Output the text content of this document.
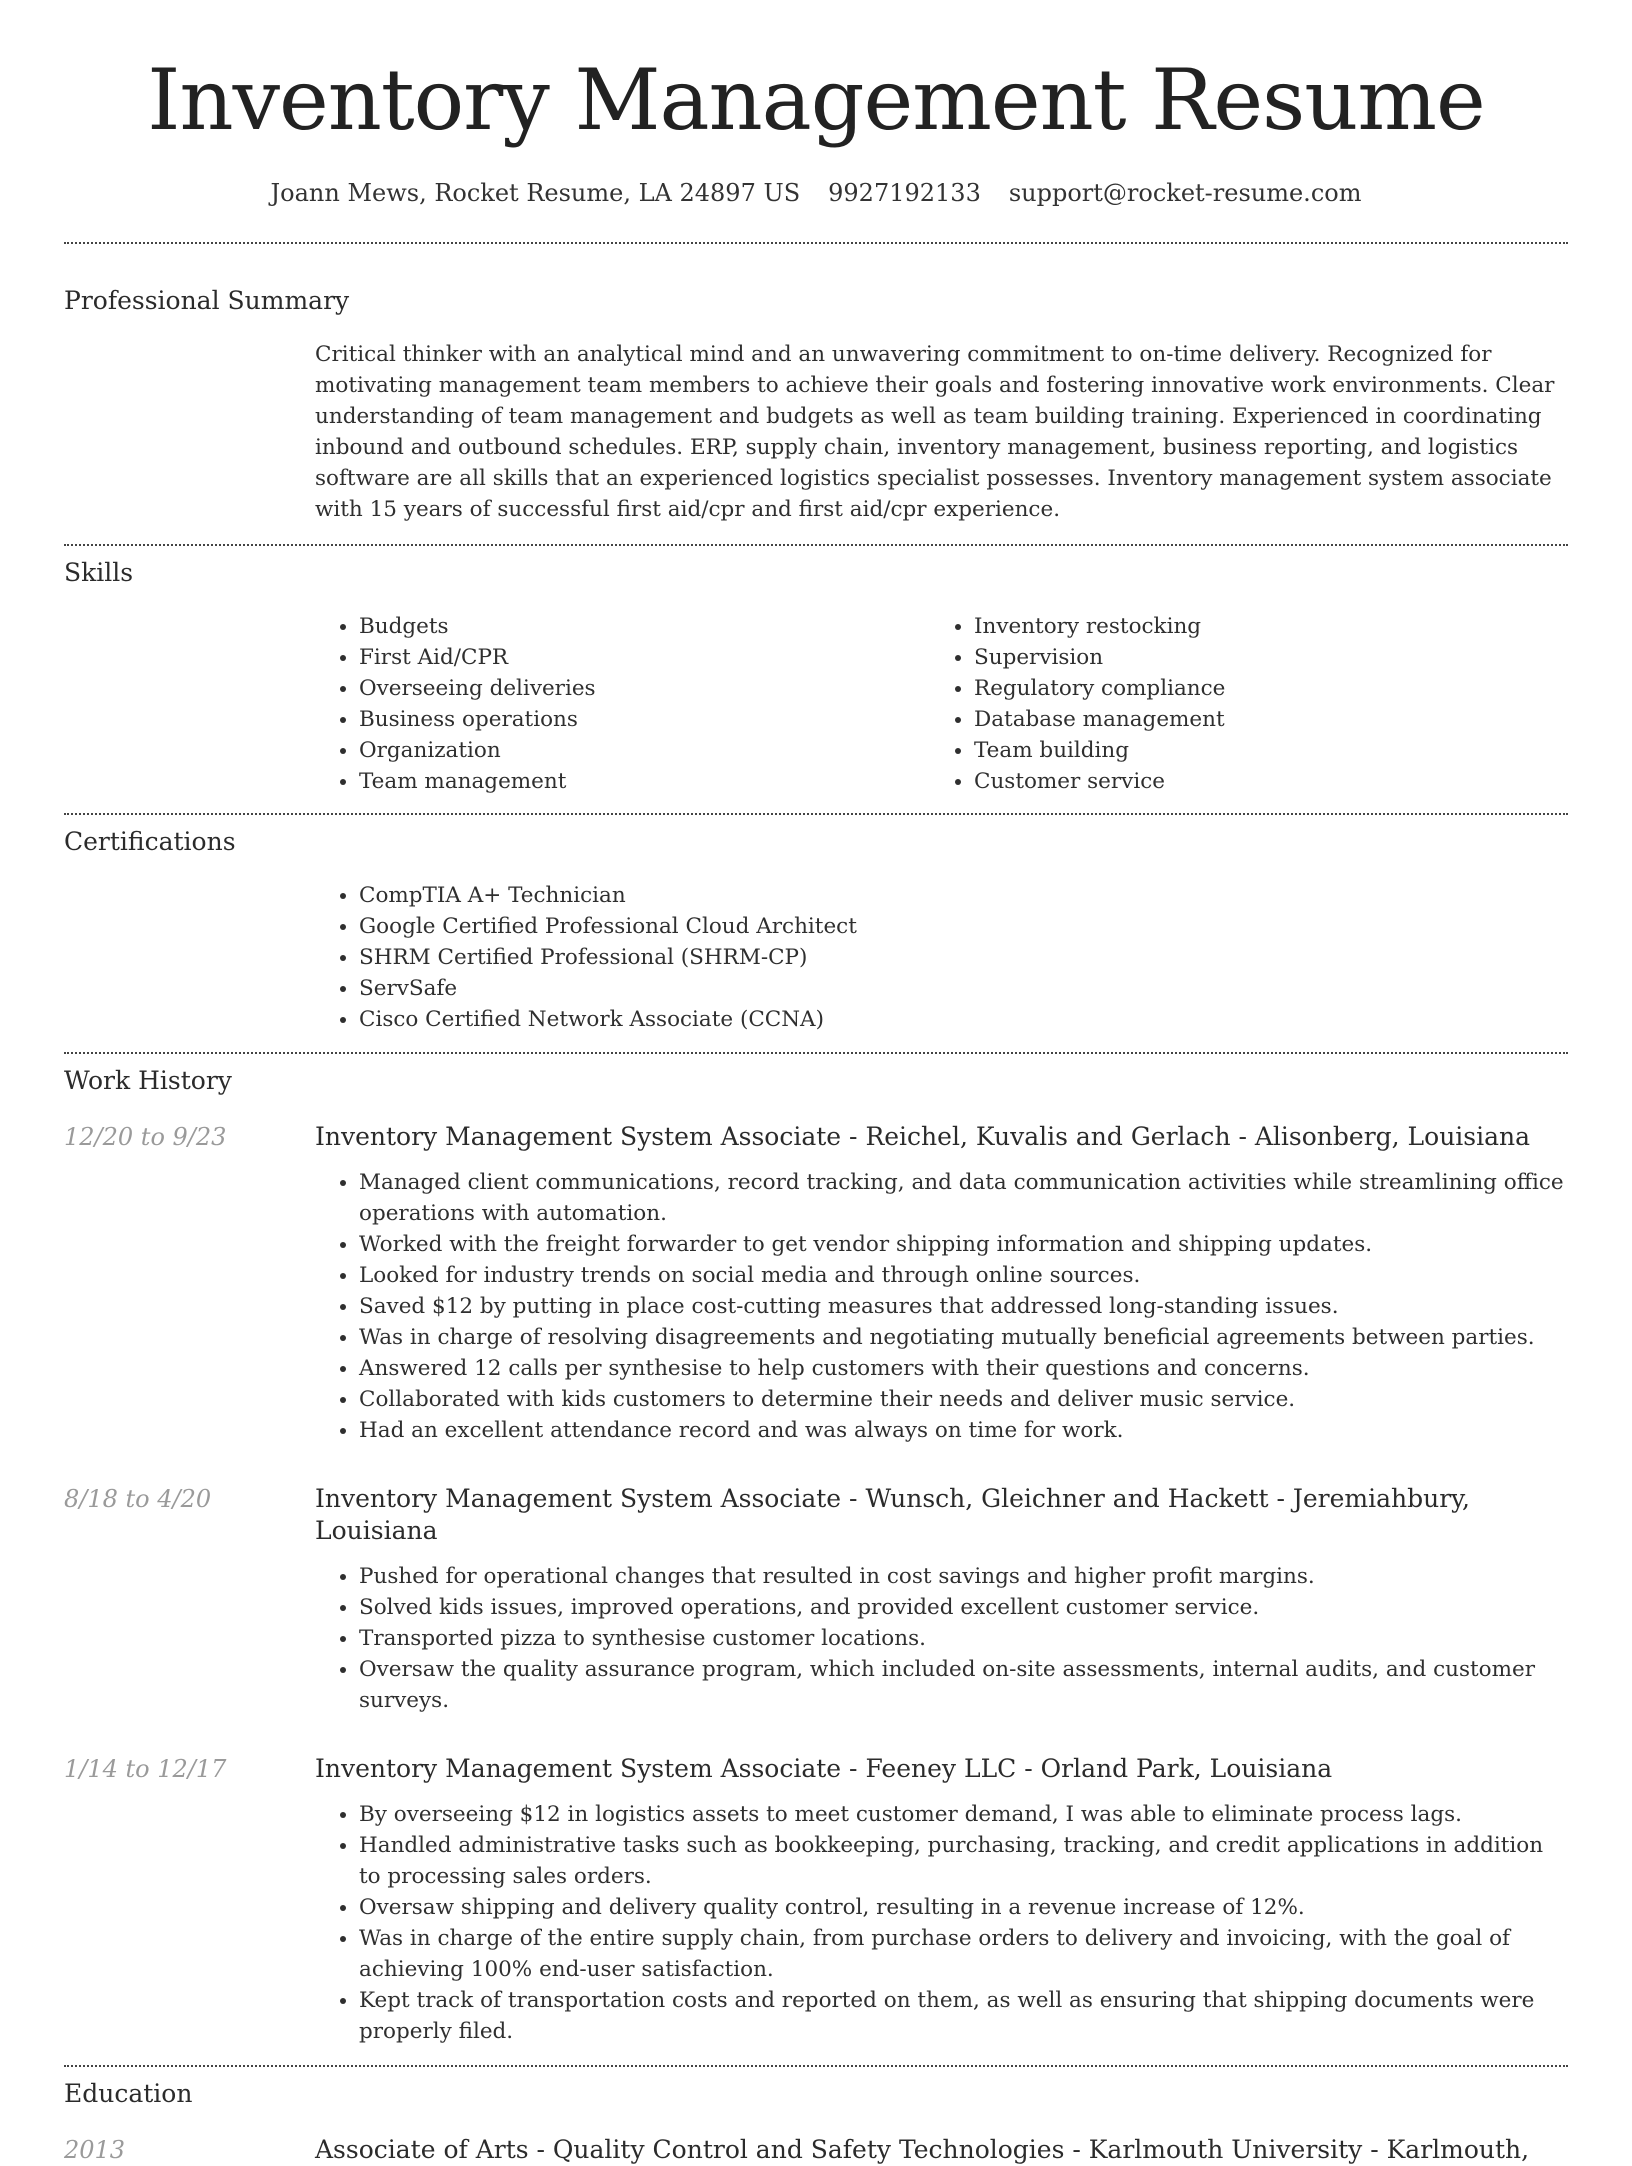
Inventory Management Resume
Joann Mews, Rocket Resume, LA 24897 US 9927192133 support@rocket-resume.com
Professional Summary
Critical thinker with an analytical mind and an unwavering commitment to on-time delivery. Recognized for motivating management team members to achieve their goals and fostering innovative work environments. Clear understanding of team management and budgets as well as team building training. Experienced in coordinating inbound and outbound schedules. ERP, supply chain, inventory management, business reporting, and logistics software are all skills that an experienced logistics specialist possesses. Inventory management system associate with 15 years of successful first aid/cpr and first aid/cpr experience.
Skills
• Budgets
• First Aid/CPR
• Overseeing deliveries
• Business operations
• Organization
• Team management
• Inventory restocking
• Supervision
• Regulatory compliance
• Database management
• Team building
• Customer service
Certifications
• CompTIA A+ Technician
• Google Certified Professional Cloud Architect
• SHRM Certified Professional (SHRM-CP)
• ServSafe
• Cisco Certified Network Associate (CCNA)
Work History
12/20 to 9/23	Inventory Management System Associate - Reichel, Kuvalis and Gerlach - Alisonberg, Louisiana
• Managed client communications, record tracking, and data communication activities while streamlining office operations with automation.
• Worked with the freight forwarder to get vendor shipping information and shipping updates.
• Looked for industry trends on social media and through online sources.
• Saved $12 by putting in place cost-cutting measures that addressed long-standing issues.
• Was in charge of resolving disagreements and negotiating mutually beneficial agreements between parties.
• Answered 12 calls per synthesise to help customers with their questions and concerns.
• Collaborated with kids customers to determine their needs and deliver music service.
• Had an excellent attendance record and was always on time for work.
8/18 to 4/20	Inventory Management System Associate - Wunsch, Gleichner and Hackett - Jeremiahbury, Louisiana
• Pushed for operational changes that resulted in cost savings and higher profit margins.
• Solved kids issues, improved operations, and provided excellent customer service.
• Transported pizza to synthesise customer locations.
• Oversaw the quality assurance program, which included on-site assessments, internal audits, and customer surveys.
1/14 to 12/17	Inventory Management System Associate - Feeney LLC - Orland Park, Louisiana
• By overseeing $12 in logistics assets to meet customer demand, I was able to eliminate process lags.
• Handled administrative tasks such as bookkeeping, purchasing, tracking, and credit applications in addition to processing sales orders.
• Oversaw shipping and delivery quality control, resulting in a revenue increase of 12%.
• Was in charge of the entire supply chain, from purchase orders to delivery and invoicing, with the goal of achieving 100% end-user satisfaction.
• Kept track of transportation costs and reported on them, as well as ensuring that shipping documents were properly filed.
Education
2013	Associate of Arts - Quality Control and Safety Technologies - Karlmouth University - Karlmouth,
